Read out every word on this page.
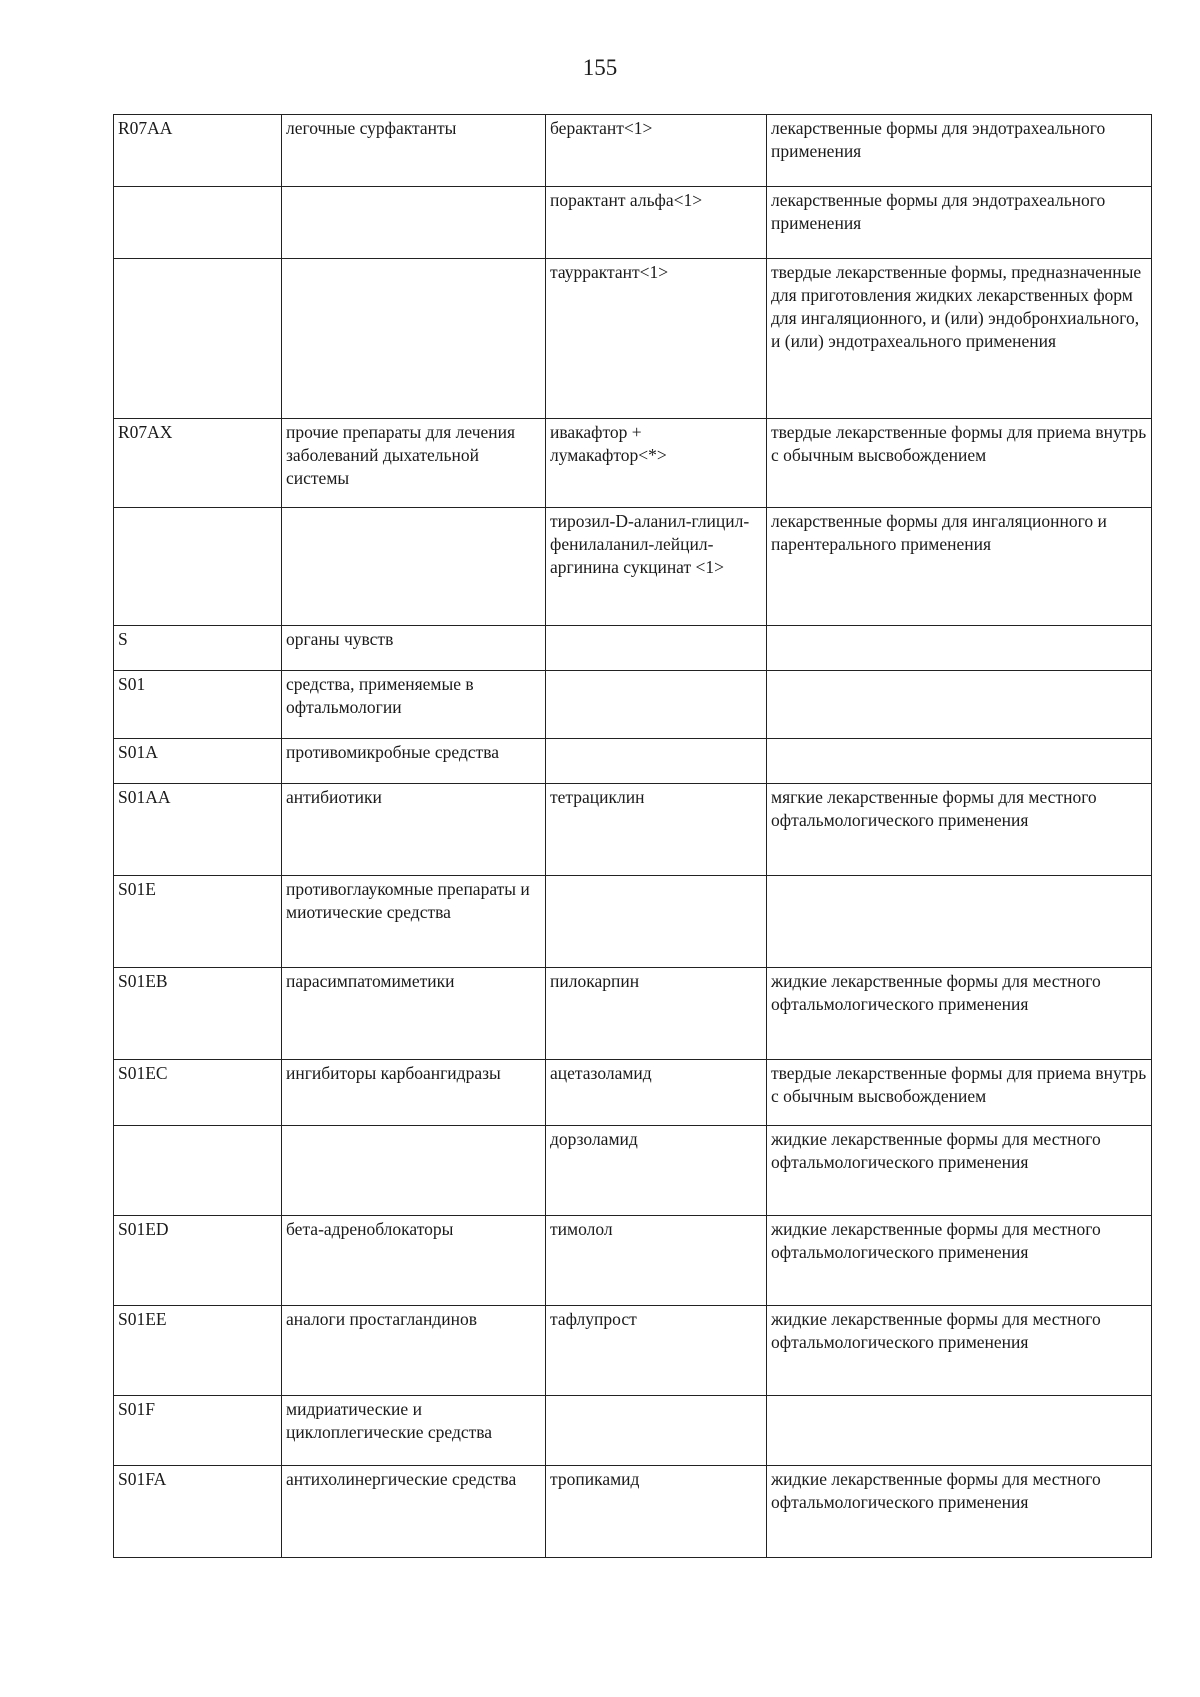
155
R07AA	легочные сурфактанты	берактант<1>	лекарственные формы для эндотрахеального применения
		порактант альфа<1>	лекарственные формы для эндотрахеального применения
		тауррактант<1>	твердые лекарственные формы, предназначенные для приготовления жидких лекарственных форм для ингаляционного, и (или) эндобронхиального, и (или) эндотрахеального применения
R07AX	прочие препараты для лечения заболеваний дыхательной системы	ивакафтор + лумакафтор<*>	твердые лекарственные формы для приема внутрь с обычным высвобождением
		тирозил-D-аланил-глицил-фенилаланил-лейцил-аргинина сукцинат <1>	лекарственные формы для ингаляционного и парентерального применения
S	органы чувств		
S01	средства, применяемые в офтальмологии		
S01A	противомикробные средства		
S01AA	антибиотики	тетрациклин	мягкие лекарственные формы для местного офтальмологического применения
S01E	противоглаукомные препараты и миотические средства		
S01EB	парасимпатомиметики	пилокарпин	жидкие лекарственные формы для местного офтальмологического применения
S01EC	ингибиторы карбоангидразы	ацетазоламид	твердые лекарственные формы для приема внутрь с обычным высвобождением
		дорзоламид	жидкие лекарственные формы для местного офтальмологического применения
S01ED	бета-адреноблокаторы	тимолол	жидкие лекарственные формы для местного офтальмологического применения
S01EE	аналоги простагландинов	тафлупрост	жидкие лекарственные формы для местного офтальмологического применения
S01F	мидриатические и циклоплегические средства		
S01FA	антихолинергические средства	тропикамид	жидкие лекарственные формы для местного офтальмологического применения
